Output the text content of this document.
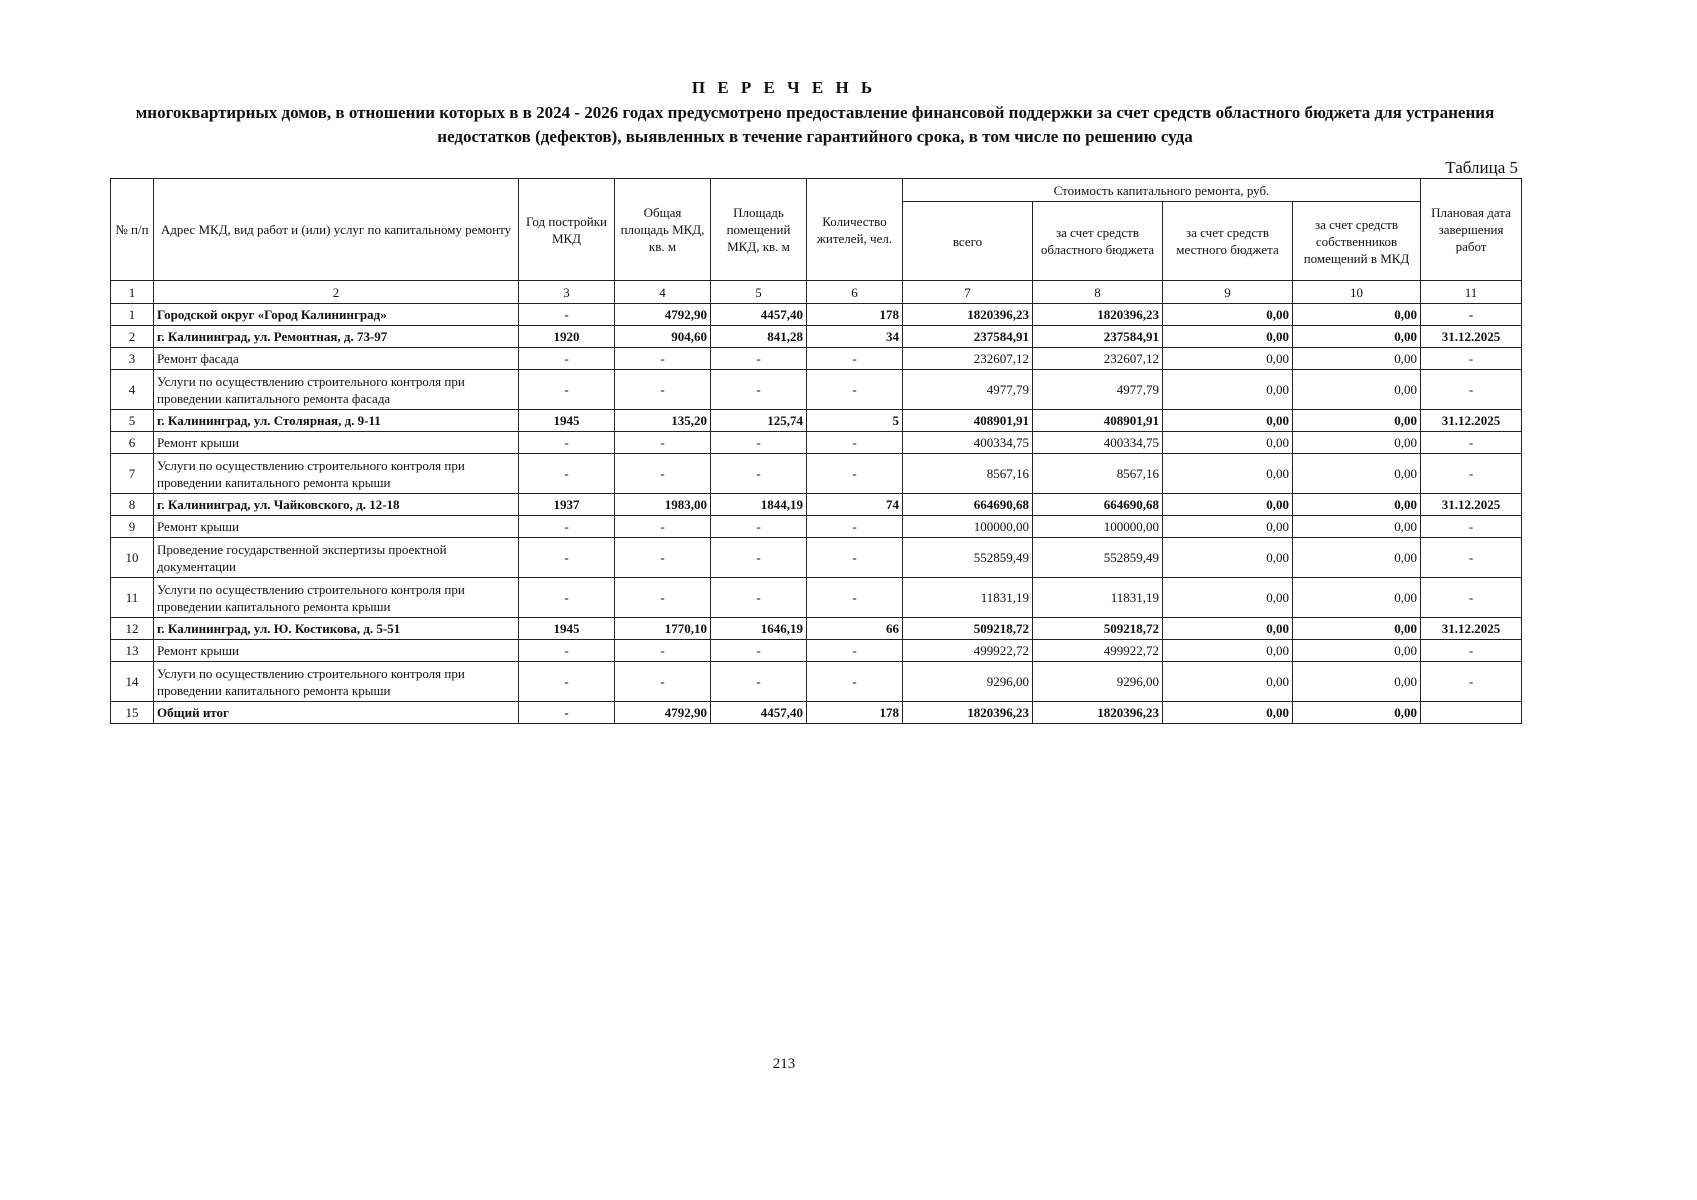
П Е Р Е Ч Е Н Ь
многоквартирных домов, в отношении которых в в 2024 - 2026 годах предусмотрено предоставление финансовой поддержки за счет средств областного бюджета для устранения недостатков (дефектов), выявленных в течение гарантийного срока, в том числе по решению суда
Таблица 5
№ п/п	Адрес МКД, вид работ и (или) услуг по капитальному ремонту	Год постройки МКД	Общая площадь МКД, кв. м	Площадь помещений МКД, кв. м	Количество жителей, чел.	Стоимость капитального ремонта, руб.				Плановая дата завершения работ
						всего	за счет средств областного бюджета	за счет средств местного бюджета	за счет средств собственников помещений в МКД	
1	2	3	4	5	6	7	8	9	10	11
1	Городской округ «Город Калининград»	-	4792,90	4457,40	178	1820396,23	1820396,23	0,00	0,00	-
2	г. Калининград, ул. Ремонтная, д. 73-97	1920	904,60	841,28	34	237584,91	237584,91	0,00	0,00	31.12.2025
3	Ремонт фасада	-	-	-	-	232607,12	232607,12	0,00	0,00	-
4	Услуги по осуществлению строительного контроля при проведении капитального ремонта фасада	-	-	-	-	4977,79	4977,79	0,00	0,00	-
5	г. Калининград, ул. Столярная, д. 9-11	1945	135,20	125,74	5	408901,91	408901,91	0,00	0,00	31.12.2025
6	Ремонт крыши	-	-	-	-	400334,75	400334,75	0,00	0,00	-
7	Услуги по осуществлению строительного контроля при проведении капитального ремонта крыши	-	-	-	-	8567,16	8567,16	0,00	0,00	-
8	г. Калининград, ул. Чайковского, д. 12-18	1937	1983,00	1844,19	74	664690,68	664690,68	0,00	0,00	31.12.2025
9	Ремонт крыши	-	-	-	-	100000,00	100000,00	0,00	0,00	-
10	Проведение государственной экспертизы проектной документации	-	-	-	-	552859,49	552859,49	0,00	0,00	-
11	Услуги по осуществлению строительного контроля при проведении капитального ремонта крыши	-	-	-	-	11831,19	11831,19	0,00	0,00	-
12	г. Калининград, ул. Ю. Костикова, д. 5-51	1945	1770,10	1646,19	66	509218,72	509218,72	0,00	0,00	31.12.2025
13	Ремонт крыши	-	-	-	-	499922,72	499922,72	0,00	0,00	-
14	Услуги по осуществлению строительного контроля при проведении капитального ремонта крыши	-	-	-	-	9296,00	9296,00	0,00	0,00	-
15	Общий итог	-	4792,90	4457,40	178	1820396,23	1820396,23	0,00	0,00	
213
